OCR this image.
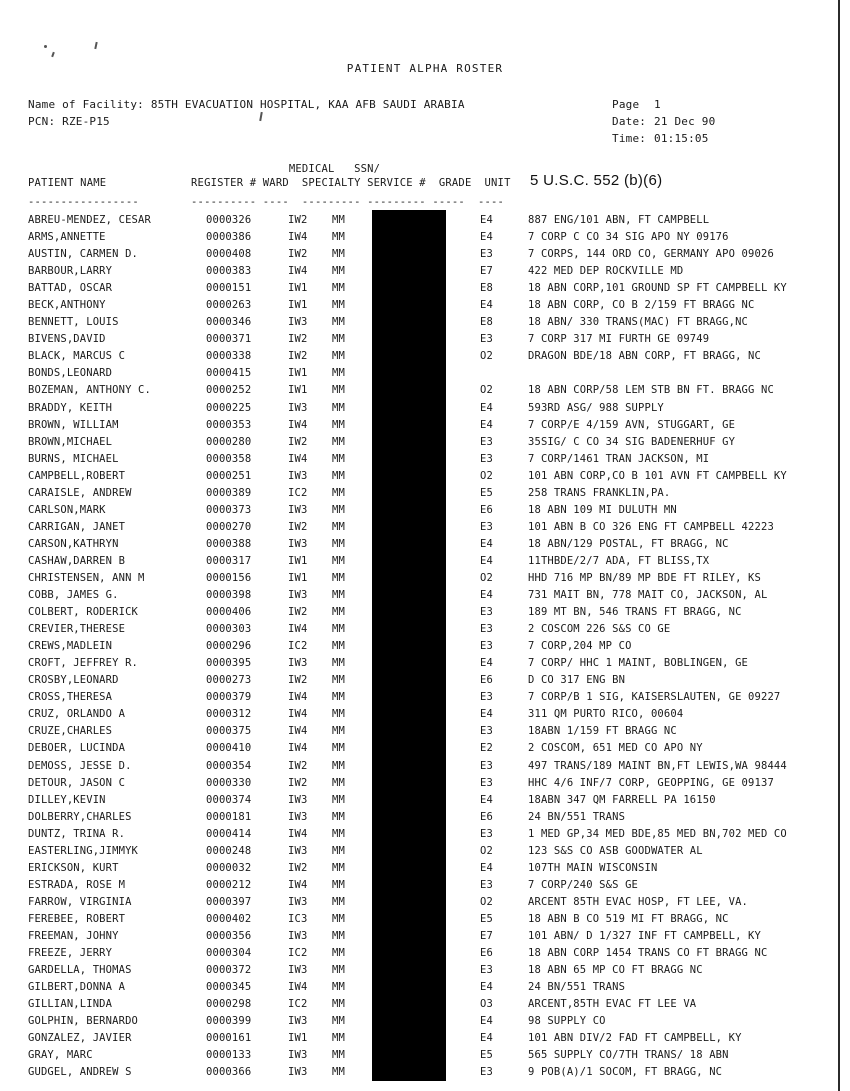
PATIENT ALPHA ROSTER
Name of Facility: 85TH EVACUATION HOSPITAL, KAA AFB SAUDI ARABIA
PCN: RZE-P15
Page 1
Date: 21 Dec 90
Time: 01:15:05
5 U.S.C. 552 (b)(6)
MEDICAL   SSN/
PATIENT NAME             REGISTER # WARD  SPECIALTY SERVICE #  GRADE  UNIT
-----------------        ---------- ----  --------- --------- -----  ----
ABREU-MENDEZ, CESAR	0000326	IW2 MM	E4	887 ENG/101 ABN, FT CAMPBELL
ARMS,ANNETTE	0000386	IW4 MM	E4	7 CORP C CO 34 SIG APO NY 09176
AUSTIN, CARMEN D.	0000408	IW2 MM	E3	7 CORPS, 144 ORD CO, GERMANY APO 09026
BARBOUR,LARRY	0000383	IW4 MM	E7	422 MED DEP ROCKVILLE MD
BATTAD, OSCAR	0000151	IW1 MM	E8	18 ABN CORP,101 GROUND SP FT CAMPBELL KY
BECK,ANTHONY	0000263	IW1 MM	E4	18 ABN CORP, CO B 2/159 FT BRAGG NC
BENNETT, LOUIS	0000346	IW3 MM	E8	18 ABN/ 330 TRANS(MAC) FT BRAGG,NC
BIVENS,DAVID	0000371	IW2 MM	E3	7 CORP 317 MI FURTH GE 09749
BLACK, MARCUS C	0000338	IW2 MM	O2	DRAGON BDE/18 ABN CORP, FT BRAGG, NC
BONDS,LEONARD	0000415	IW1 MM
BOZEMAN, ANTHONY C.	0000252	IW1 MM	O2	18 ABN CORP/58 LEM STB BN FT. BRAGG NC
BRADDY, KEITH	0000225	IW3 MM	E4	593RD ASG/ 988 SUPPLY
BROWN, WILLIAM	0000353	IW4 MM	E4	7 CORP/E 4/159 AVN, STUGGART, GE
BROWN,MICHAEL	0000280	IW2 MM	E3	35SIG/ C CO 34 SIG BADENERHUF GY
BURNS, MICHAEL	0000358	IW4 MM	E3	7 CORP/1461 TRAN JACKSON, MI
CAMPBELL,ROBERT	0000251	IW3 MM	O2	101 ABN CORP,CO B 101 AVN FT CAMPBELL KY
CARAISLE, ANDREW	0000389	IC2 MM	E5	258 TRANS FRANKLIN,PA.
CARLSON,MARK	0000373	IW3 MM	E6	18 ABN 109 MI DULUTH MN
CARRIGAN, JANET	0000270	IW2 MM	E3	101 ABN B CO 326 ENG FT CAMPBELL 42223
CARSON,KATHRYN	0000388	IW3 MM	E4	18 ABN/129 POSTAL, FT BRAGG, NC
CASHAW,DARREN B	0000317	IW1 MM	E4	11THBDE/2/7 ADA, FT BLISS,TX
CHRISTENSEN, ANN M	0000156	IW1 MM	O2	HHD 716 MP BN/89 MP BDE FT RILEY, KS
COBB, JAMES G.	0000398	IW3 MM	E4	731 MAIT BN, 778 MAIT CO, JACKSON, AL
COLBERT, RODERICK	0000406	IW2 MM	E3	189 MT BN, 546 TRANS FT BRAGG, NC
CREVIER,THERESE	0000303	IW4 MM	E3	2 COSCOM 226 S&S CO GE
CREWS,MADLEIN	0000296	IC2 MM	E3	7 CORP,204 MP CO
CROFT, JEFFREY R.	0000395	IW3 MM	E4	7 CORP/ HHC 1 MAINT, BOBLINGEN, GE
CROSBY,LEONARD	0000273	IW2 MM	E6	D CO 317 ENG BN
CROSS,THERESA	0000379	IW4 MM	E3	7 CORP/B 1 SIG, KAISERSLAUTEN, GE 09227
CRUZ, ORLANDO A	0000312	IW4 MM	E4	311 QM PURTO RICO, 00604
CRUZE,CHARLES	0000375	IW4 MM	E3	18ABN 1/159 FT BRAGG NC
DEBOER, LUCINDA	0000410	IW4 MM	E2	2 COSCOM, 651 MED CO APO NY
DEMOSS, JESSE D.	0000354	IW2 MM	E3	497 TRANS/189 MAINT BN,FT LEWIS,WA 98444
DETOUR, JASON C	0000330	IW2 MM	E3	HHC 4/6 INF/7 CORP, GEOPPING, GE 09137
DILLEY,KEVIN	0000374	IW3 MM	E4	18ABN 347 QM FARRELL PA 16150
DOLBERRY,CHARLES	0000181	IW3 MM	E6	24 BN/551 TRANS
DUNTZ, TRINA R.	0000414	IW4 MM	E3	1 MED GP,34 MED BDE,85 MED BN,702 MED CO
EASTERLING,JIMMYK	0000248	IW3 MM	O2	123 S&S CO ASB GOODWATER AL
ERICKSON, KURT	0000032	IW2 MM	E4	107TH MAIN WISCONSIN
ESTRADA, ROSE M	0000212	IW4 MM	E3	7 CORP/240 S&S GE
FARROW, VIRGINIA	0000397	IW3 MM	O2	ARCENT 85TH EVAC HOSP, FT LEE, VA.
FEREBEE, ROBERT	0000402	IC3 MM	E5	18 ABN B CO 519 MI FT BRAGG, NC
FREEMAN, JOHNY	0000356	IW3 MM	E7	101 ABN/ D 1/327 INF FT CAMPBELL, KY
FREEZE, JERRY	0000304	IC2 MM	E6	18 ABN CORP 1454 TRANS CO FT BRAGG NC
GARDELLA, THOMAS	0000372	IW3 MM	E3	18 ABN 65 MP CO FT BRAGG NC
GILBERT,DONNA A	0000345	IW4 MM	E4	24 BN/551 TRANS
GILLIAN,LINDA	0000298	IC2 MM	O3	ARCENT,85TH EVAC FT LEE VA
GOLPHIN, BERNARDO	0000399	IW3 MM	E4	98 SUPPLY CO
GONZALEZ, JAVIER	0000161	IW1 MM	E4	101 ABN DIV/2 FAD FT CAMPBELL, KY
GRAY, MARC	0000133	IW3 MM	E5	565 SUPPLY CO/7TH TRANS/ 18 ABN
GUDGEL, ANDREW S	0000366	IW3 MM	E3	9 POB(A)/1 SOCOM, FT BRAGG, NC
